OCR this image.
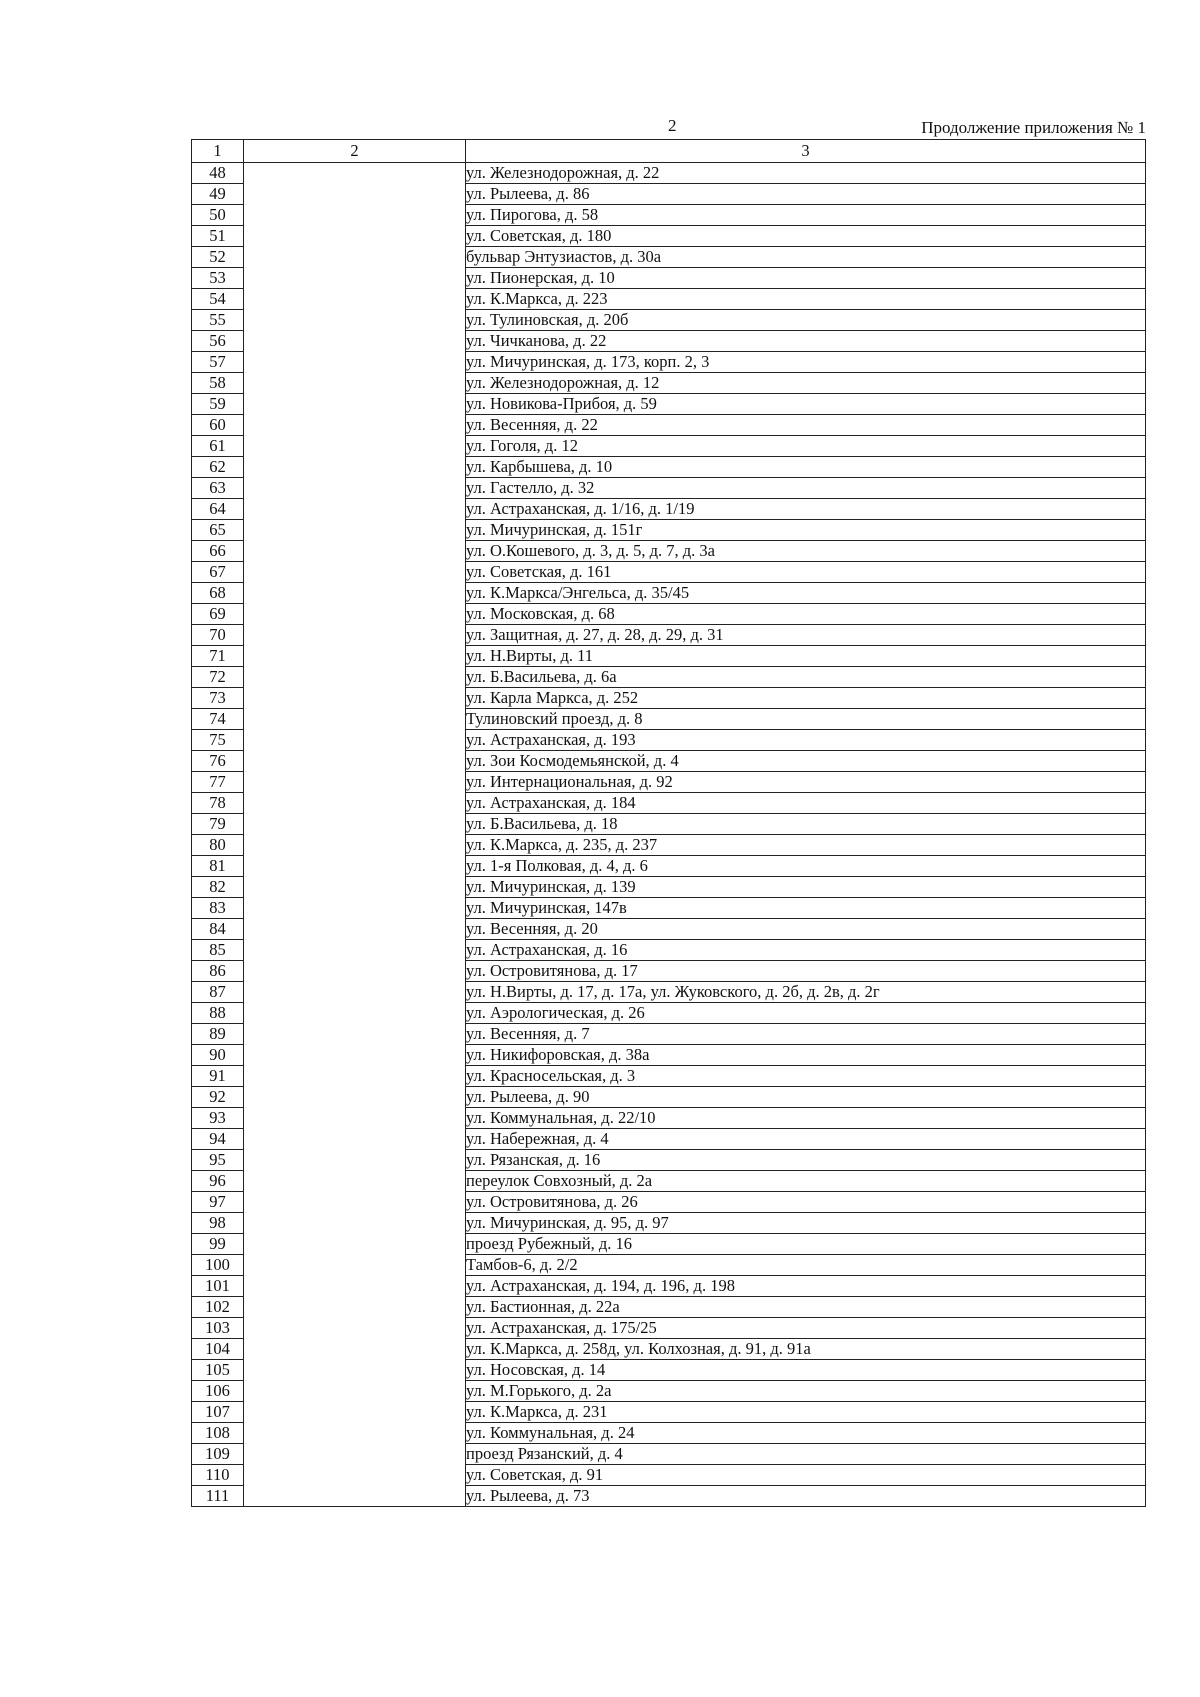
2	Продолжение приложения № 1
1	2	3
48		ул. Железнодорожная, д. 22
49		ул. Рылеева, д. 86
50		ул. Пирогова, д. 58
51		ул. Советская, д. 180
52		бульвар Энтузиастов, д. 30а
53		ул. Пионерская, д. 10
54		ул. К.Маркса, д. 223
55		ул. Тулиновская, д. 20б
56		ул. Чичканова, д. 22
57		ул. Мичуринская, д. 173, корп. 2, 3
58		ул. Железнодорожная, д. 12
59		ул. Новикова-Прибоя, д. 59
60		ул. Весенняя, д. 22
61		ул. Гоголя, д. 12
62		ул. Карбышева, д. 10
63		ул. Гастелло, д. 32
64		ул. Астраханская, д. 1/16, д. 1/19
65		ул. Мичуринская, д. 151г
66		ул. О.Кошевого, д. 3, д. 5, д. 7, д. 3а
67		ул. Советская, д. 161
68		ул. К.Маркса/Энгельса, д. 35/45
69		ул. Московская, д. 68
70		ул. Защитная, д. 27, д. 28, д. 29, д. 31
71		ул. Н.Вирты, д. 11
72		ул. Б.Васильева, д. 6а
73		ул. Карла Маркса, д. 252
74		Тулиновский проезд, д. 8
75		ул. Астраханская, д. 193
76		ул. Зои Космодемьянской, д. 4
77		ул. Интернациональная, д. 92
78		ул. Астраханская, д. 184
79		ул. Б.Васильева, д. 18
80		ул. К.Маркса, д. 235, д. 237
81		ул. 1-я Полковая, д. 4, д. 6
82		ул. Мичуринская, д. 139
83		ул. Мичуринская, 147в
84		ул. Весенняя, д. 20
85		ул. Астраханская, д. 16
86		ул. Островитянова, д. 17
87		ул. Н.Вирты, д. 17, д. 17а, ул. Жуковского, д. 2б, д. 2в, д. 2г
88		ул. Аэрологическая, д. 26
89		ул. Весенняя, д. 7
90		ул. Никифоровская, д. 38а
91		ул. Красносельская, д. 3
92		ул. Рылеева, д. 90
93		ул. Коммунальная, д. 22/10
94		ул. Набережная, д. 4
95		ул. Рязанская, д. 16
96		переулок Совхозный, д. 2а
97		ул. Островитянова, д. 26
98		ул. Мичуринская, д. 95, д. 97
99		проезд Рубежный, д. 16
100		Тамбов-6, д. 2/2
101		ул. Астраханская, д. 194, д. 196, д. 198
102		ул. Бастионная, д. 22а
103		ул. Астраханская, д. 175/25
104		ул. К.Маркса, д. 258д, ул. Колхозная, д. 91, д. 91а
105		ул. Носовская, д. 14
106		ул. М.Горького, д. 2а
107		ул. К.Маркса, д. 231
108		ул. Коммунальная, д. 24
109		проезд Рязанский, д. 4
110		ул. Советская, д. 91
111		ул. Рылеева, д. 73
